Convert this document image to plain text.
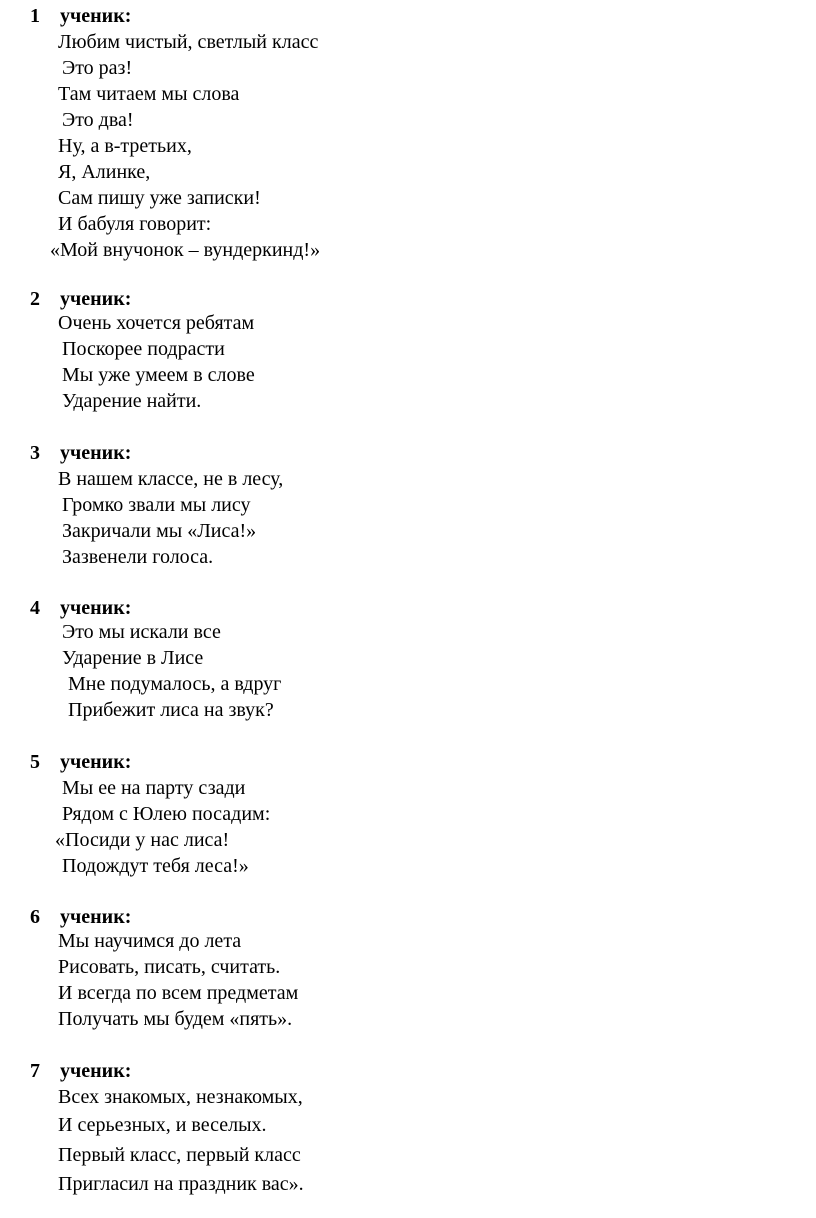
1 ученик:
Любим чистый, светлый класс
Это раз!
Там читаем мы слова
Это два!
Ну, а в-третьих,
Я, Алинке,
Сам пишу уже записки!
И бабуля говорит:
«Мой внучонок – вундеркинд!»
2 ученик:
Очень хочется ребятам
Поскорее подрасти
Мы уже умеем в слове
Ударение найти.
3 ученик:
В нашем классе, не в лесу,
Громко звали мы лису
Закричали мы «Лиса!»
Зазвенели голоса.
4 ученик:
Это мы искали все
Ударение в Лисе
Мне подумалось, а вдруг
Прибежит лиса на звук?
5 ученик:
Мы ее на парту сзади
Рядом с Юлею посадим:
«Посиди у нас лиса!
Подождут тебя леса!»
6 ученик:
Мы научимся до лета
Рисовать, писать, считать.
И всегда по всем предметам
Получать мы будем «пять».
7 ученик:
Всех знакомых, незнакомых,
И серьезных, и веселых.
Первый класс, первый класс
Пригласил на праздник вас».
